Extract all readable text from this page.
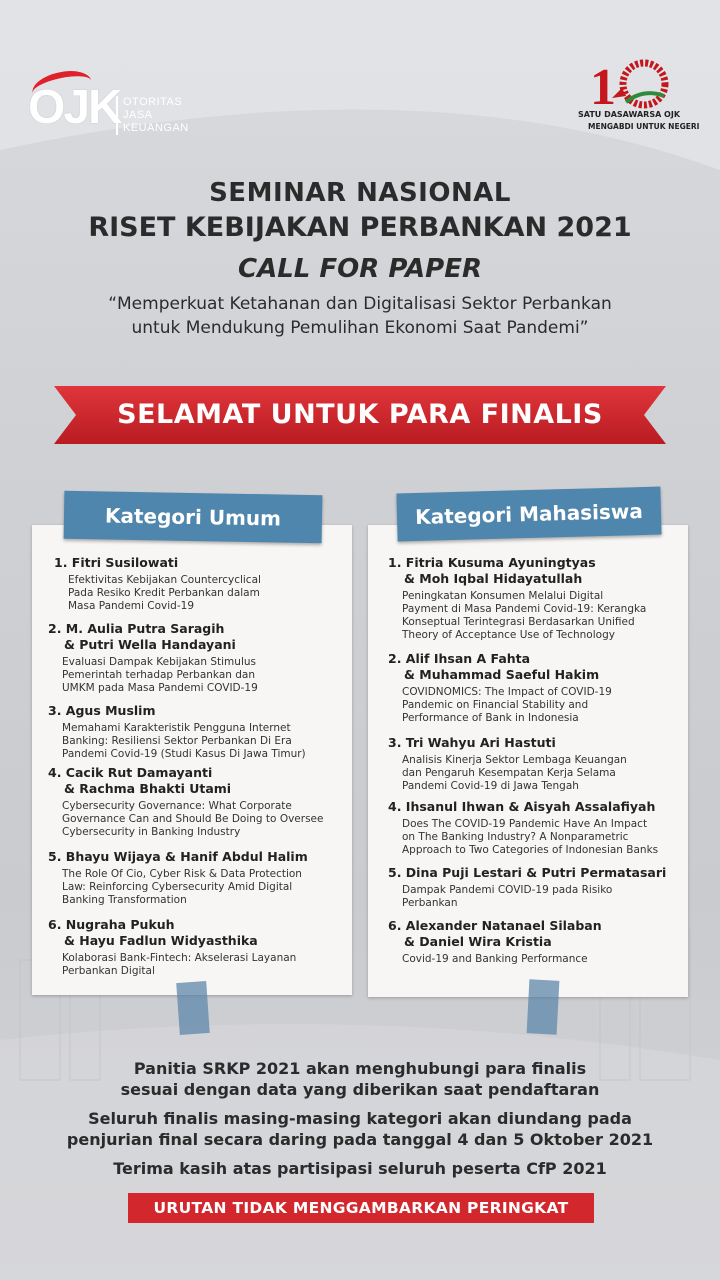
OJK OTORITAS
JASA
KEUANGAN
1
SATU DASAWARSA OJK
MENGABDI UNTUK NEGERI
SEMINAR NASIONAL
RISET KEBIJAKAN PERBANKAN 2021
CALL FOR PAPER
“Memperkuat Ketahanan dan Digitalisasi Sektor Perbankan
untuk Mendukung Pemulihan Ekonomi Saat Pandemi”
SELAMAT UNTUK PARA FINALIS
1. Fitri Susilowati
Efektivitas Kebijakan Countercyclical
Pada Resiko Kredit Perbankan dalam
Masa Pandemi Covid-19
2. M. Aulia Putra Saragih
& Putri Wella Handayani
Evaluasi Dampak Kebijakan Stimulus
Pemerintah terhadap Perbankan dan
UMKM pada Masa Pandemi COVID-19
3. Agus Muslim
Memahami Karakteristik Pengguna Internet
Banking: Resiliensi Sektor Perbankan Di Era
Pandemi Covid-19 (Studi Kasus Di Jawa Timur)
4. Cacik Rut Damayanti
& Rachma Bhakti Utami
Cybersecurity Governance: What Corporate
Governance Can and Should Be Doing to Oversee
Cybersecurity in Banking Industry
5. Bhayu Wijaya & Hanif Abdul Halim
The Role Of Cio, Cyber Risk & Data Protection
Law: Reinforcing Cybersecurity Amid Digital
Banking Transformation
6. Nugraha Pukuh
& Hayu Fadlun Widyasthika
Kolaborasi Bank-Fintech: Akselerasi Layanan
Perbankan Digital
1. Fitria Kusuma Ayuningtyas
& Moh Iqbal Hidayatullah
Peningkatan Konsumen Melalui Digital
Payment di Masa Pandemi Covid-19: Kerangka
Konseptual Terintegrasi Berdasarkan Unified
Theory of Acceptance Use of Technology
2. Alif Ihsan A Fahta
& Muhammad Saeful Hakim
COVIDNOMICS: The Impact of COVID-19
Pandemic on Financial Stability and
Performance of Bank in Indonesia
3. Tri Wahyu Ari Hastuti
Analisis Kinerja Sektor Lembaga Keuangan
dan Pengaruh Kesempatan Kerja Selama
Pandemi Covid-19 di Jawa Tengah
4. Ihsanul Ihwan & Aisyah Assalafiyah
Does The COVID-19 Pandemic Have An Impact
on The Banking Industry? A Nonparametric
Approach to Two Categories of Indonesian Banks
5. Dina Puji Lestari & Putri Permatasari
Dampak Pandemi COVID-19 pada Risiko
Perbankan
6. Alexander Natanael Silaban
& Daniel Wira Kristia
Covid-19 and Banking Performance
Kategori Umum	Kategori Mahasiswa
Panitia SRKP 2021 akan menghubungi para finalis
sesuai dengan data yang diberikan saat pendaftaran
Seluruh finalis masing-masing kategori akan diundang pada
penjurian final secara daring pada tanggal 4 dan 5 Oktober 2021
Terima kasih atas partisipasi seluruh peserta CfP 2021
URUTAN TIDAK MENGGAMBARKAN PERINGKAT
